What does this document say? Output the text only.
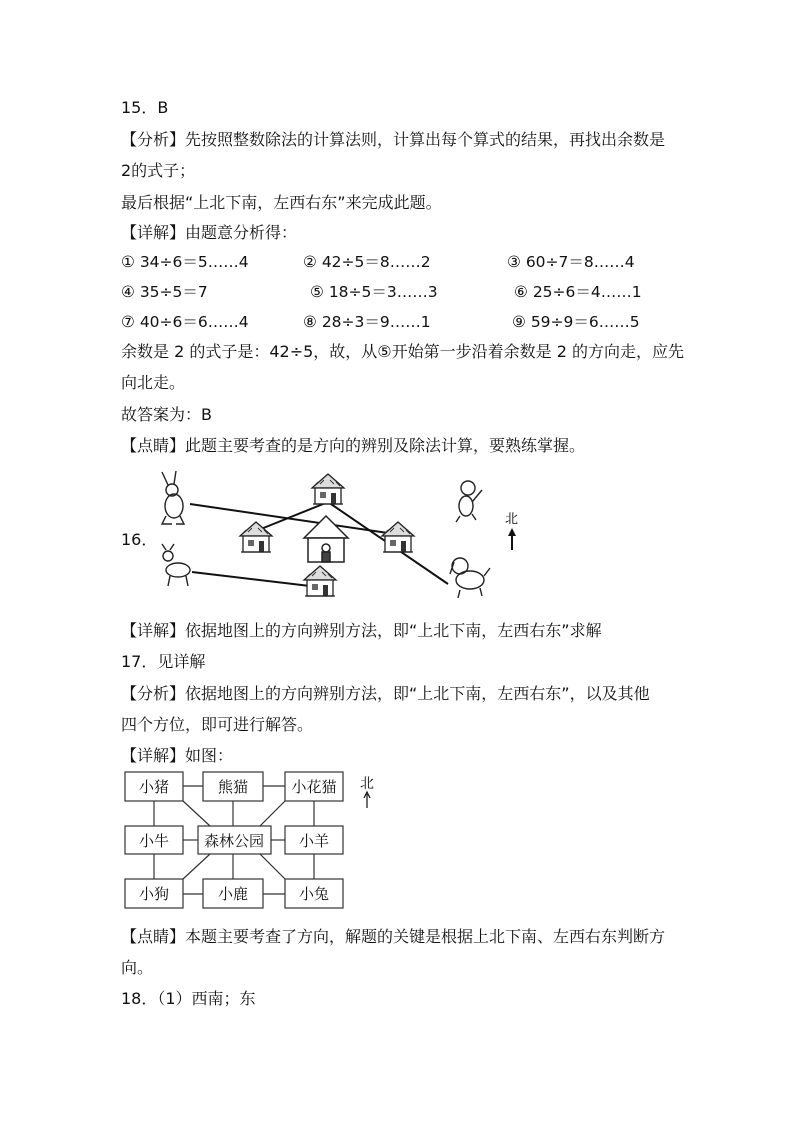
15．B
【分析】先按照整数除法的计算法则，计算出每个算式的结果，再找出余数是
2的式子；
最后根据“上北下南，左西右东”来完成此题。
【详解】由题意分析得：
① 34÷6＝5……4	② 42÷5＝8……2	③ 60÷7＝8……4
④ 35÷5＝7	⑤ 18÷5＝3……3	⑥ 25÷6＝4……1
⑦ 40÷6＝6……4	⑧ 28÷3＝9……1	⑨ 59÷9＝6……5
余数是 2 的式子是：42÷5，故，从⑤开始第一步沿着余数是 2 的方向走，应先
向北走。
故答案为：B
【点睛】此题主要考查的是方向的辨别及除法计算，要熟练掌握。
16．
北
【详解】依据地图上的方向辨别方法，即“上北下南，左西右东”求解
17．见详解
【分析】依据地图上的方向辨别方法，即“上北下南，左西右东”，以及其他
四个方位，即可进行解答。
【详解】如图：
小猪	熊猫	小花猫
小牛 森林公园 小羊
小狗	小鹿	小兔
北
【点睛】本题主要考查了方向，解题的关键是根据上北下南、左西右东判断方
向。
18．（1）西南；东
